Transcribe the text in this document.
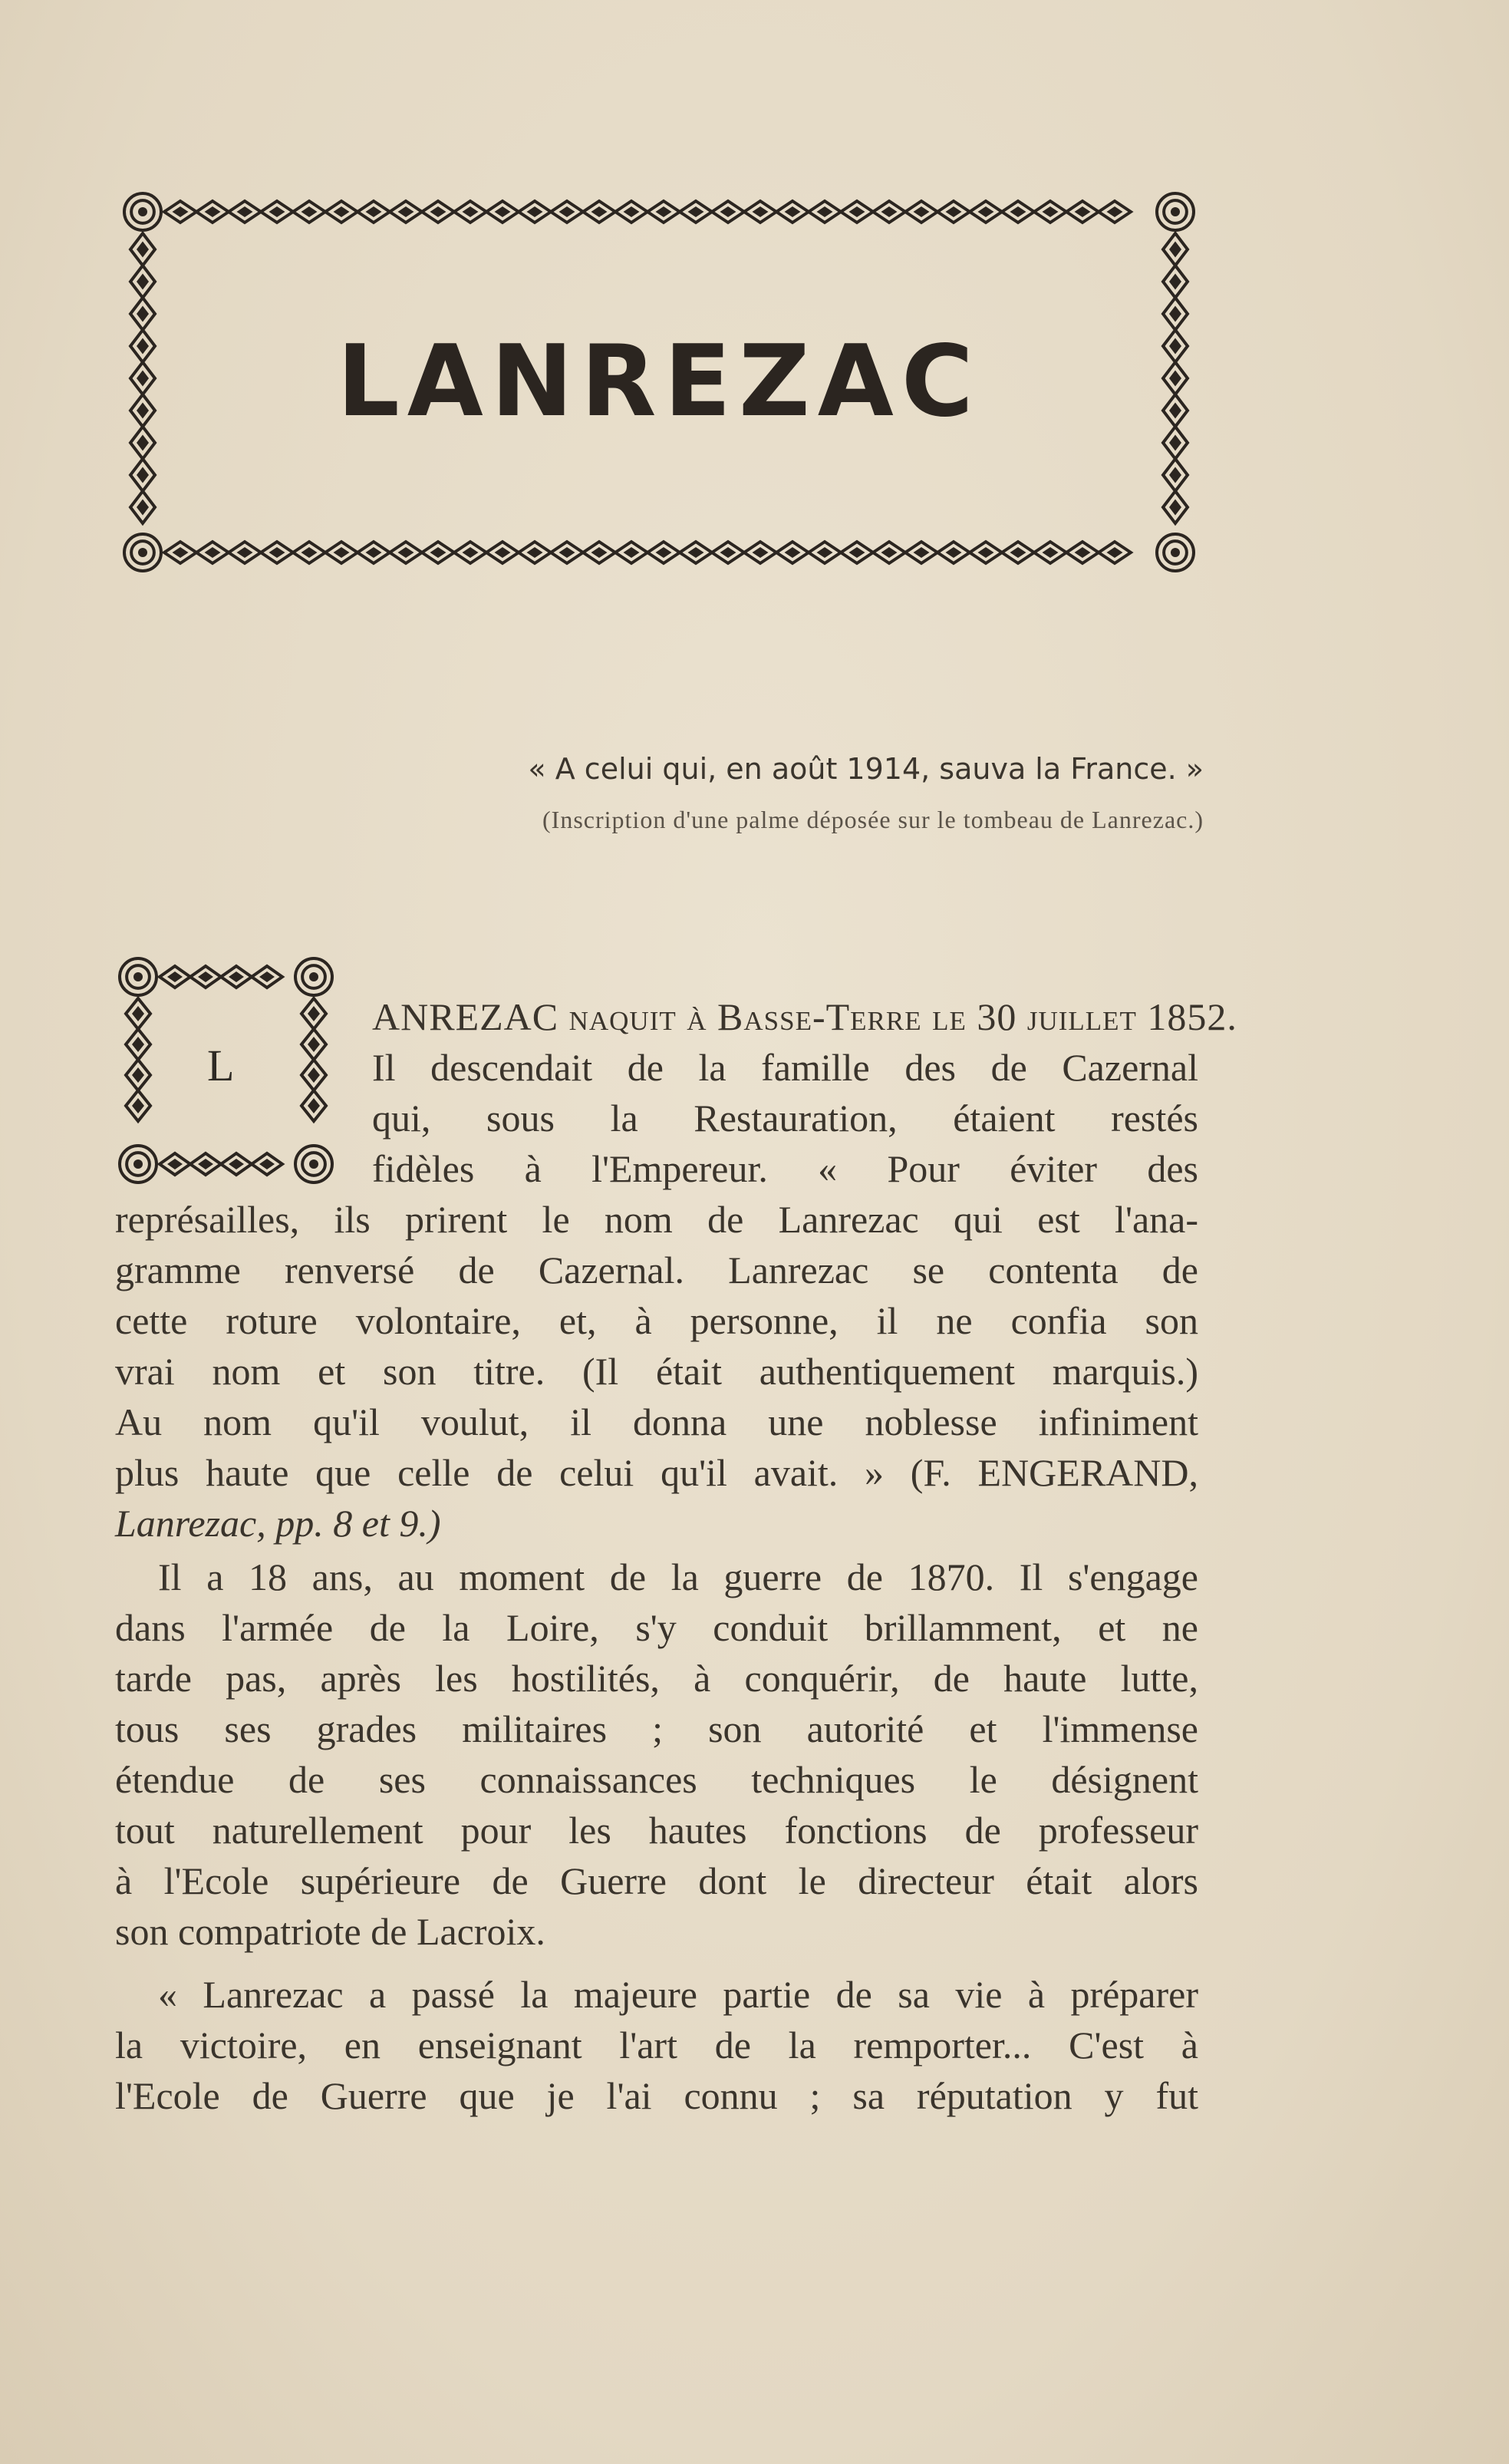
LANREZAC
« A celui qui, en août 1914, sauva la France. »
(Inscription d'une palme déposée sur le tombeau de Lanrezac.)
L
ANREZAC naquit à Basse-Terre le 30 juillet 1852.
Il descendait de la famille des de Cazernal
qui, sous la Restauration, étaient restés
fidèles à l'Empereur. « Pour éviter des
représailles, ils prirent le nom de Lanrezac qui est l'ana-
gramme renversé de Cazernal. Lanrezac se contenta de
cette roture volontaire, et, à personne, il ne confia son
vrai nom et son titre. (Il était authentiquement marquis.)
Au nom qu'il voulut, il donna une noblesse infiniment
plus haute que celle de celui qu'il avait. » (F. ENGERAND,
Lanrezac, pp. 8 et 9.)
Il a 18 ans, au moment de la guerre de 1870. Il s'engage
dans l'armée de la Loire, s'y conduit brillamment, et ne
tarde pas, après les hostilités, à conquérir, de haute lutte,
tous ses grades militaires ; son autorité et l'immense
étendue de ses connaissances techniques le désignent
tout naturellement pour les hautes fonctions de professeur
à l'Ecole supérieure de Guerre dont le directeur était alors
son compatriote de Lacroix.
« Lanrezac a passé la majeure partie de sa vie à préparer
la victoire, en enseignant l'art de la remporter... C'est à
l'Ecole de Guerre que je l'ai connu ; sa réputation y fut
